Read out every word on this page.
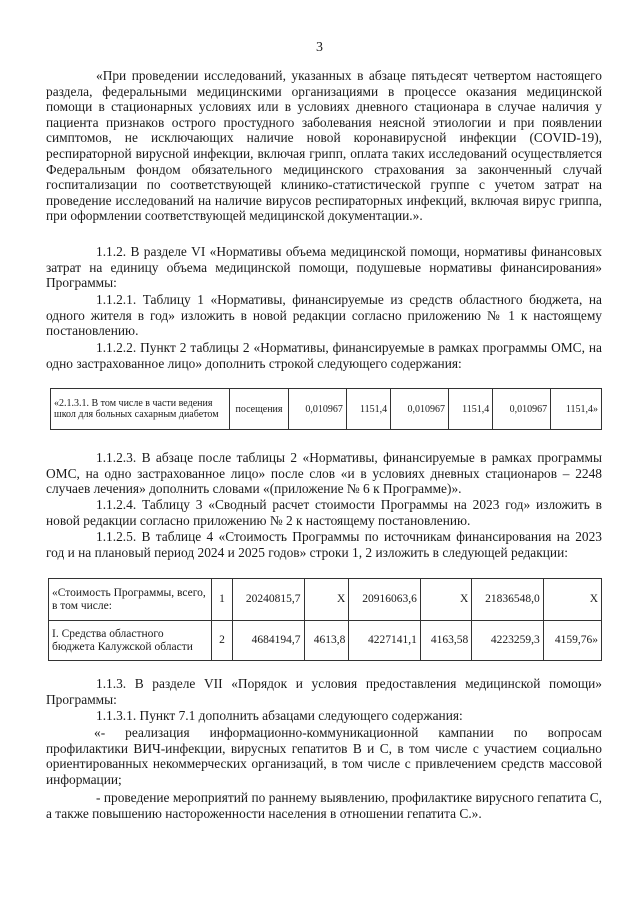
3

«При проведении исследований, указанных в абзаце пятьдесят четвертом настоящего раздела, федеральными медицинскими организациями в процессе оказания медицинской помощи в стационарных условиях или в условиях дневного стационара в случае наличия у пациента признаков острого простудного заболевания неясной этиологии и при появлении симптомов, не исключающих наличие новой коронавирусной инфекции (COVID-19), респираторной вирусной инфекции, включая грипп, оплата таких исследований осуществляется Федеральным фондом обязательного медицинского страхования за законченный случай госпитализации по соответствующей клинико-статистической группе с учетом затрат на проведение исследований на наличие вирусов респираторных инфекций, включая вирус гриппа, при оформлении соответствующей медицинской документации.».

1.1.2. В разделе VI «Нормативы объема медицинской помощи, нормативы финансовых затрат на единицу объема медицинской помощи, подушевые нормативы финансирования» Программы:

1.1.2.1. Таблицу 1 «Нормативы, финансируемые из средств областного бюджета, на одного жителя в год» изложить в новой редакции согласно приложению № 1 к настоящему постановлению.

1.1.2.2. Пункт 2 таблицы 2 «Нормативы, финансируемые в рамках программы ОМС, на одно застрахованное лицо» дополнить строкой следующего содержания:

«2.1.3.1. В том числе в части ведения школ для больных сахарным диабетом	посещения	0,010967	1151,4	0,010967	1151,4	0,010967	1151,4»

1.1.2.3. В абзаце после таблицы 2 «Нормативы, финансируемые в рамках программы ОМС, на одно застрахованное лицо» после слов «и в условиях дневных стационаров – 2248 случаев лечения» дополнить словами «(приложение № 6 к Программе)».

1.1.2.4. Таблицу 3 «Сводный расчет стоимости Программы на 2023 год» изложить в новой редакции согласно приложению № 2 к настоящему постановлению.

1.1.2.5. В таблице 4 «Стоимость Программы по источникам финансирования на 2023 год и на плановый период 2024 и 2025 годов» строки 1, 2 изложить в следующей редакции:

«Стоимость Программы, всего, в том числе:	1	20240815,7	X	20916063,6	X	21836548,0	X
I. Средства областного бюджета Калужской области	2	4684194,7	4613,8	4227141,1	4163,58	4223259,3	4159,76»

1.1.3. В разделе VII «Порядок и условия предоставления медицинской помощи» Программы:

1.1.3.1. Пункт 7.1 дополнить абзацами следующего содержания:

«- реализация информационно-коммуникационной кампании по вопросам профилактики ВИЧ-инфекции, вирусных гепатитов В и С, в том числе с участием социально ориентированных некоммерческих организаций, в том числе с привлечением средств массовой информации;

- проведение мероприятий по раннему выявлению, профилактике вирусного гепатита С, а также повышению настороженности населения в отношении гепатита С.».
